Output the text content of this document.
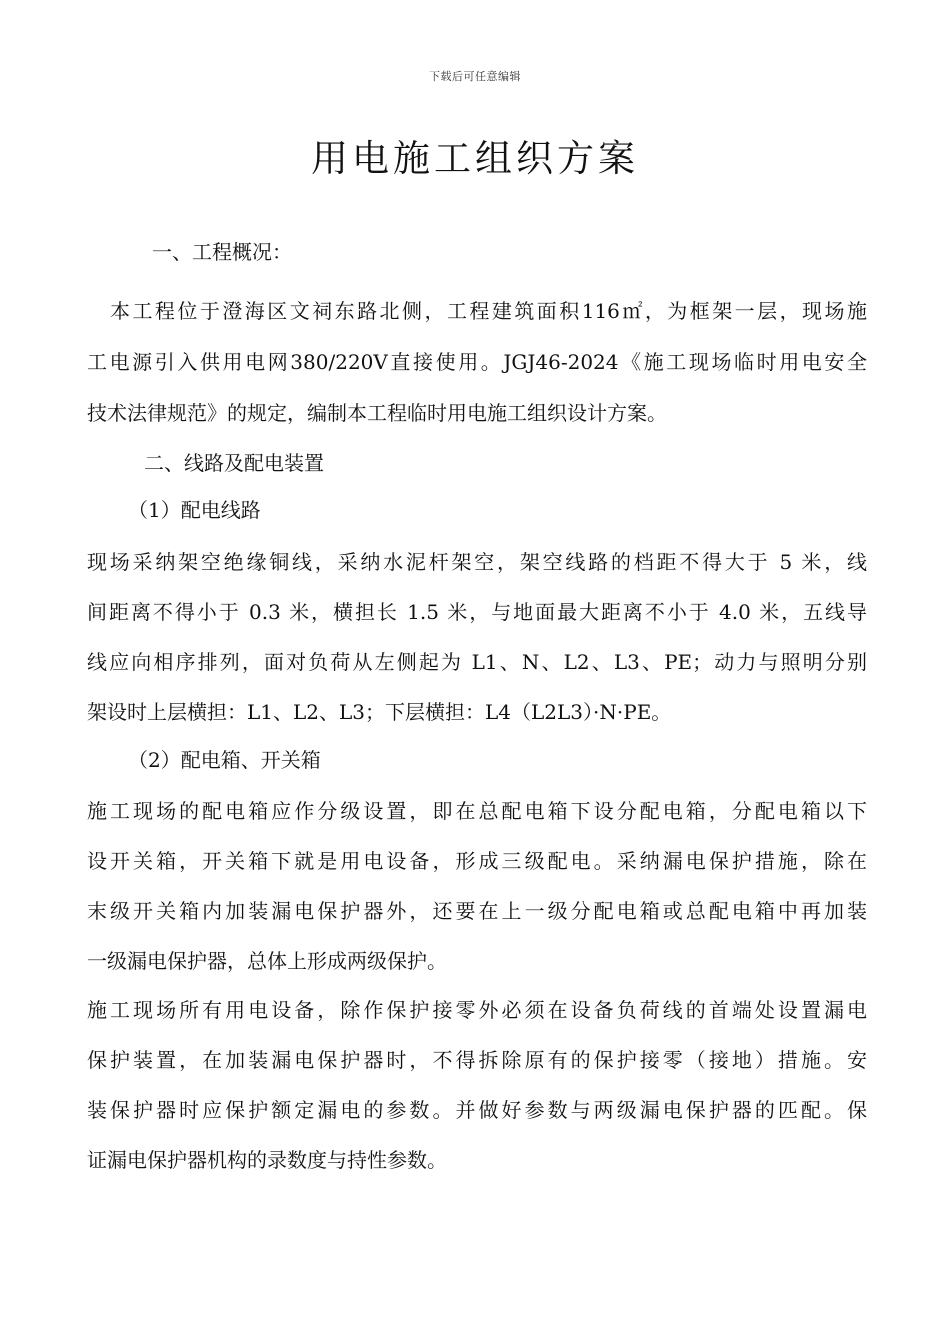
下载后可任意编辑
用电施工组织方案
一、工程概况：
本工程位于澄海区文祠东路北侧，工程建筑面积116㎡，为框架一层，现场施
工电源引入供用电网380/220V直接使用。JGJ46-2024《施工现场临时用电安全
技术法律规范》的规定，编制本工程临时用电施工组织设计方案。
二、线路及配电装置
（1）配电线路
现场采纳架空绝缘铜线，采纳水泥杆架空，架空线路的档距不得大于 5 米，线
间距离不得小于 0.3 米，横担长 1.5 米，与地面最大距离不小于 4.0 米，五线导
线应向相序排列，面对负荷从左侧起为 L1、N、L2、L3、PE；动力与照明分别
架设时上层横担：L1、L2、L3；下层横担：L4（L2L3）·N·PE。
（2）配电箱、开关箱
施工现场的配电箱应作分级设置，即在总配电箱下设分配电箱，分配电箱以下
设开关箱，开关箱下就是用电设备，形成三级配电。采纳漏电保护措施，除在
末级开关箱内加装漏电保护器外，还要在上一级分配电箱或总配电箱中再加装
一级漏电保护器，总体上形成两级保护。
施工现场所有用电设备，除作保护接零外必须在设备负荷线的首端处设置漏电
保护装置，在加装漏电保护器时，不得拆除原有的保护接零（接地）措施。安
装保护器时应保护额定漏电的参数。并做好参数与两级漏电保护器的匹配。保
证漏电保护器机构的录数度与持性参数。
